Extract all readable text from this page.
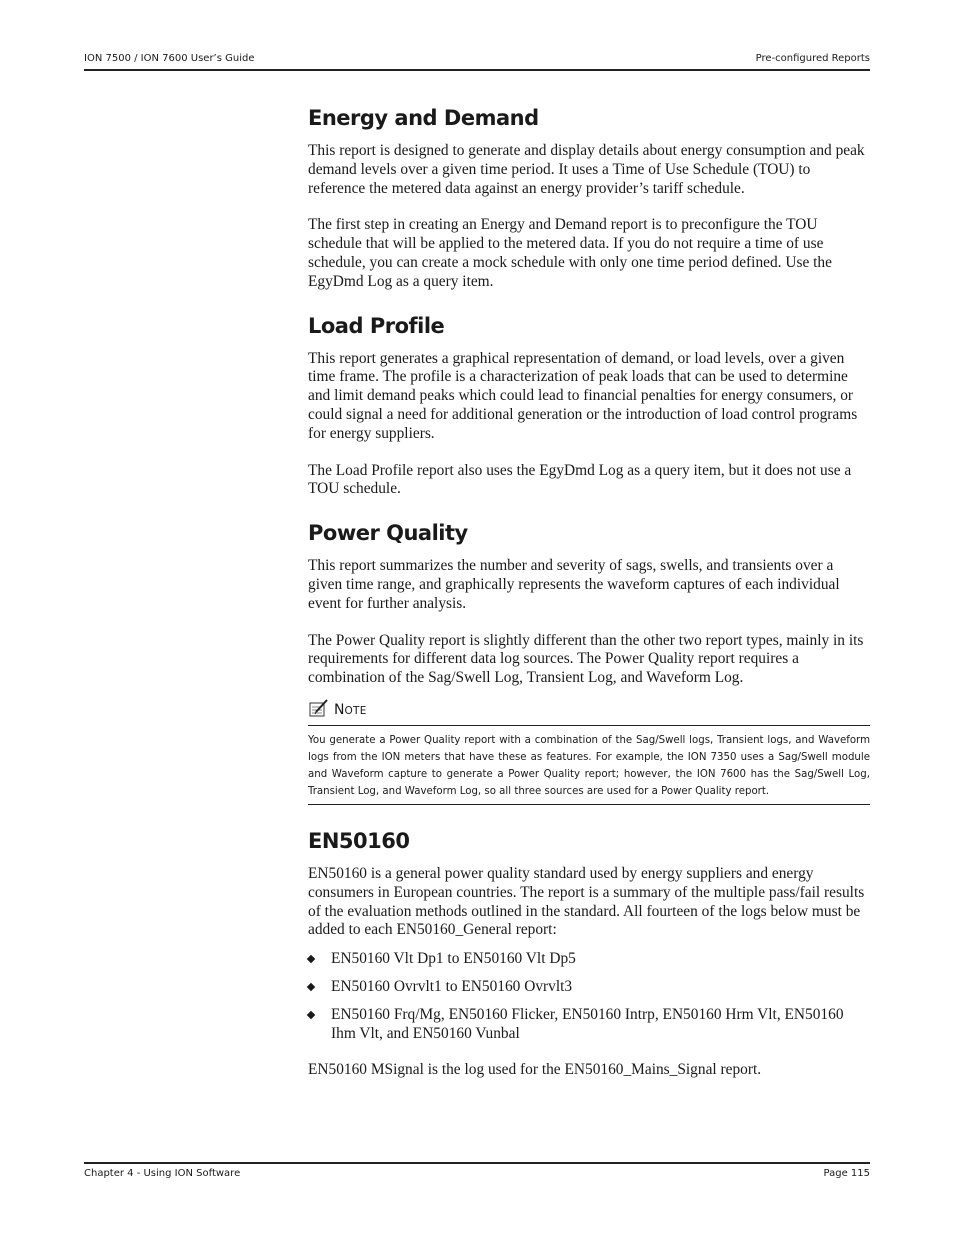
ION 7500 / ION 7600 User’s Guide	Pre-configured Reports
Energy and Demand

This report is designed to generate and display details about energy consumption and peak demand levels over a given time period. It uses a Time of Use Schedule (TOU) to reference the metered data against an energy provider’s tariff schedule.

The first step in creating an Energy and Demand report is to preconfigure the TOU schedule that will be applied to the metered data. If you do not require a time of use schedule, you can create a mock schedule with only one time period defined. Use the EgyDmd Log as a query item.

Load Profile

This report generates a graphical representation of demand, or load levels, over a given time frame. The profile is a characterization of peak loads that can be used to determine and limit demand peaks which could lead to financial penalties for energy consumers, or could signal a need for additional generation or the introduction of load control programs for energy suppliers.

The Load Profile report also uses the EgyDmd Log as a query item, but it does not use a TOU schedule.

Power Quality

This report summarizes the number and severity of sags, swells, and transients over a given time range, and graphically represents the waveform captures of each individual event for further analysis.

The Power Quality report is slightly different than the other two report types, mainly in its requirements for different data log sources. The Power Quality report requires a combination of the Sag/Swell Log, Transient Log, and Waveform Log.

NOTE
You generate a Power Quality report with a combination of the Sag/Swell logs, Transient logs, and Waveform logs from the ION meters that have these as features. For example, the ION 7350 uses a Sag/Swell module and Waveform capture to generate a Power Quality report; however, the ION 7600 has the Sag/Swell Log, Transient Log, and Waveform Log, so all three sources are used for a Power Quality report.
EN50160

EN50160 is a general power quality standard used by energy suppliers and energy consumers in European countries. The report is a summary of the multiple pass/fail results of the evaluation methods outlined in the standard. All fourteen of the logs below must be added to each EN50160_General report:

EN50160 Vlt Dp1 to EN50160 Vlt Dp5
EN50160 Ovrvlt1 to EN50160 Ovrvlt3
EN50160 Frq/Mg, EN50160 Flicker, EN50160 Intrp, EN50160 Hrm Vlt, EN50160 Ihm Vlt, and EN50160 Vunbal

EN50160 MSignal is the log used for the EN50160_Mains_Signal report.

Chapter 4 - Using ION Software	Page 115
